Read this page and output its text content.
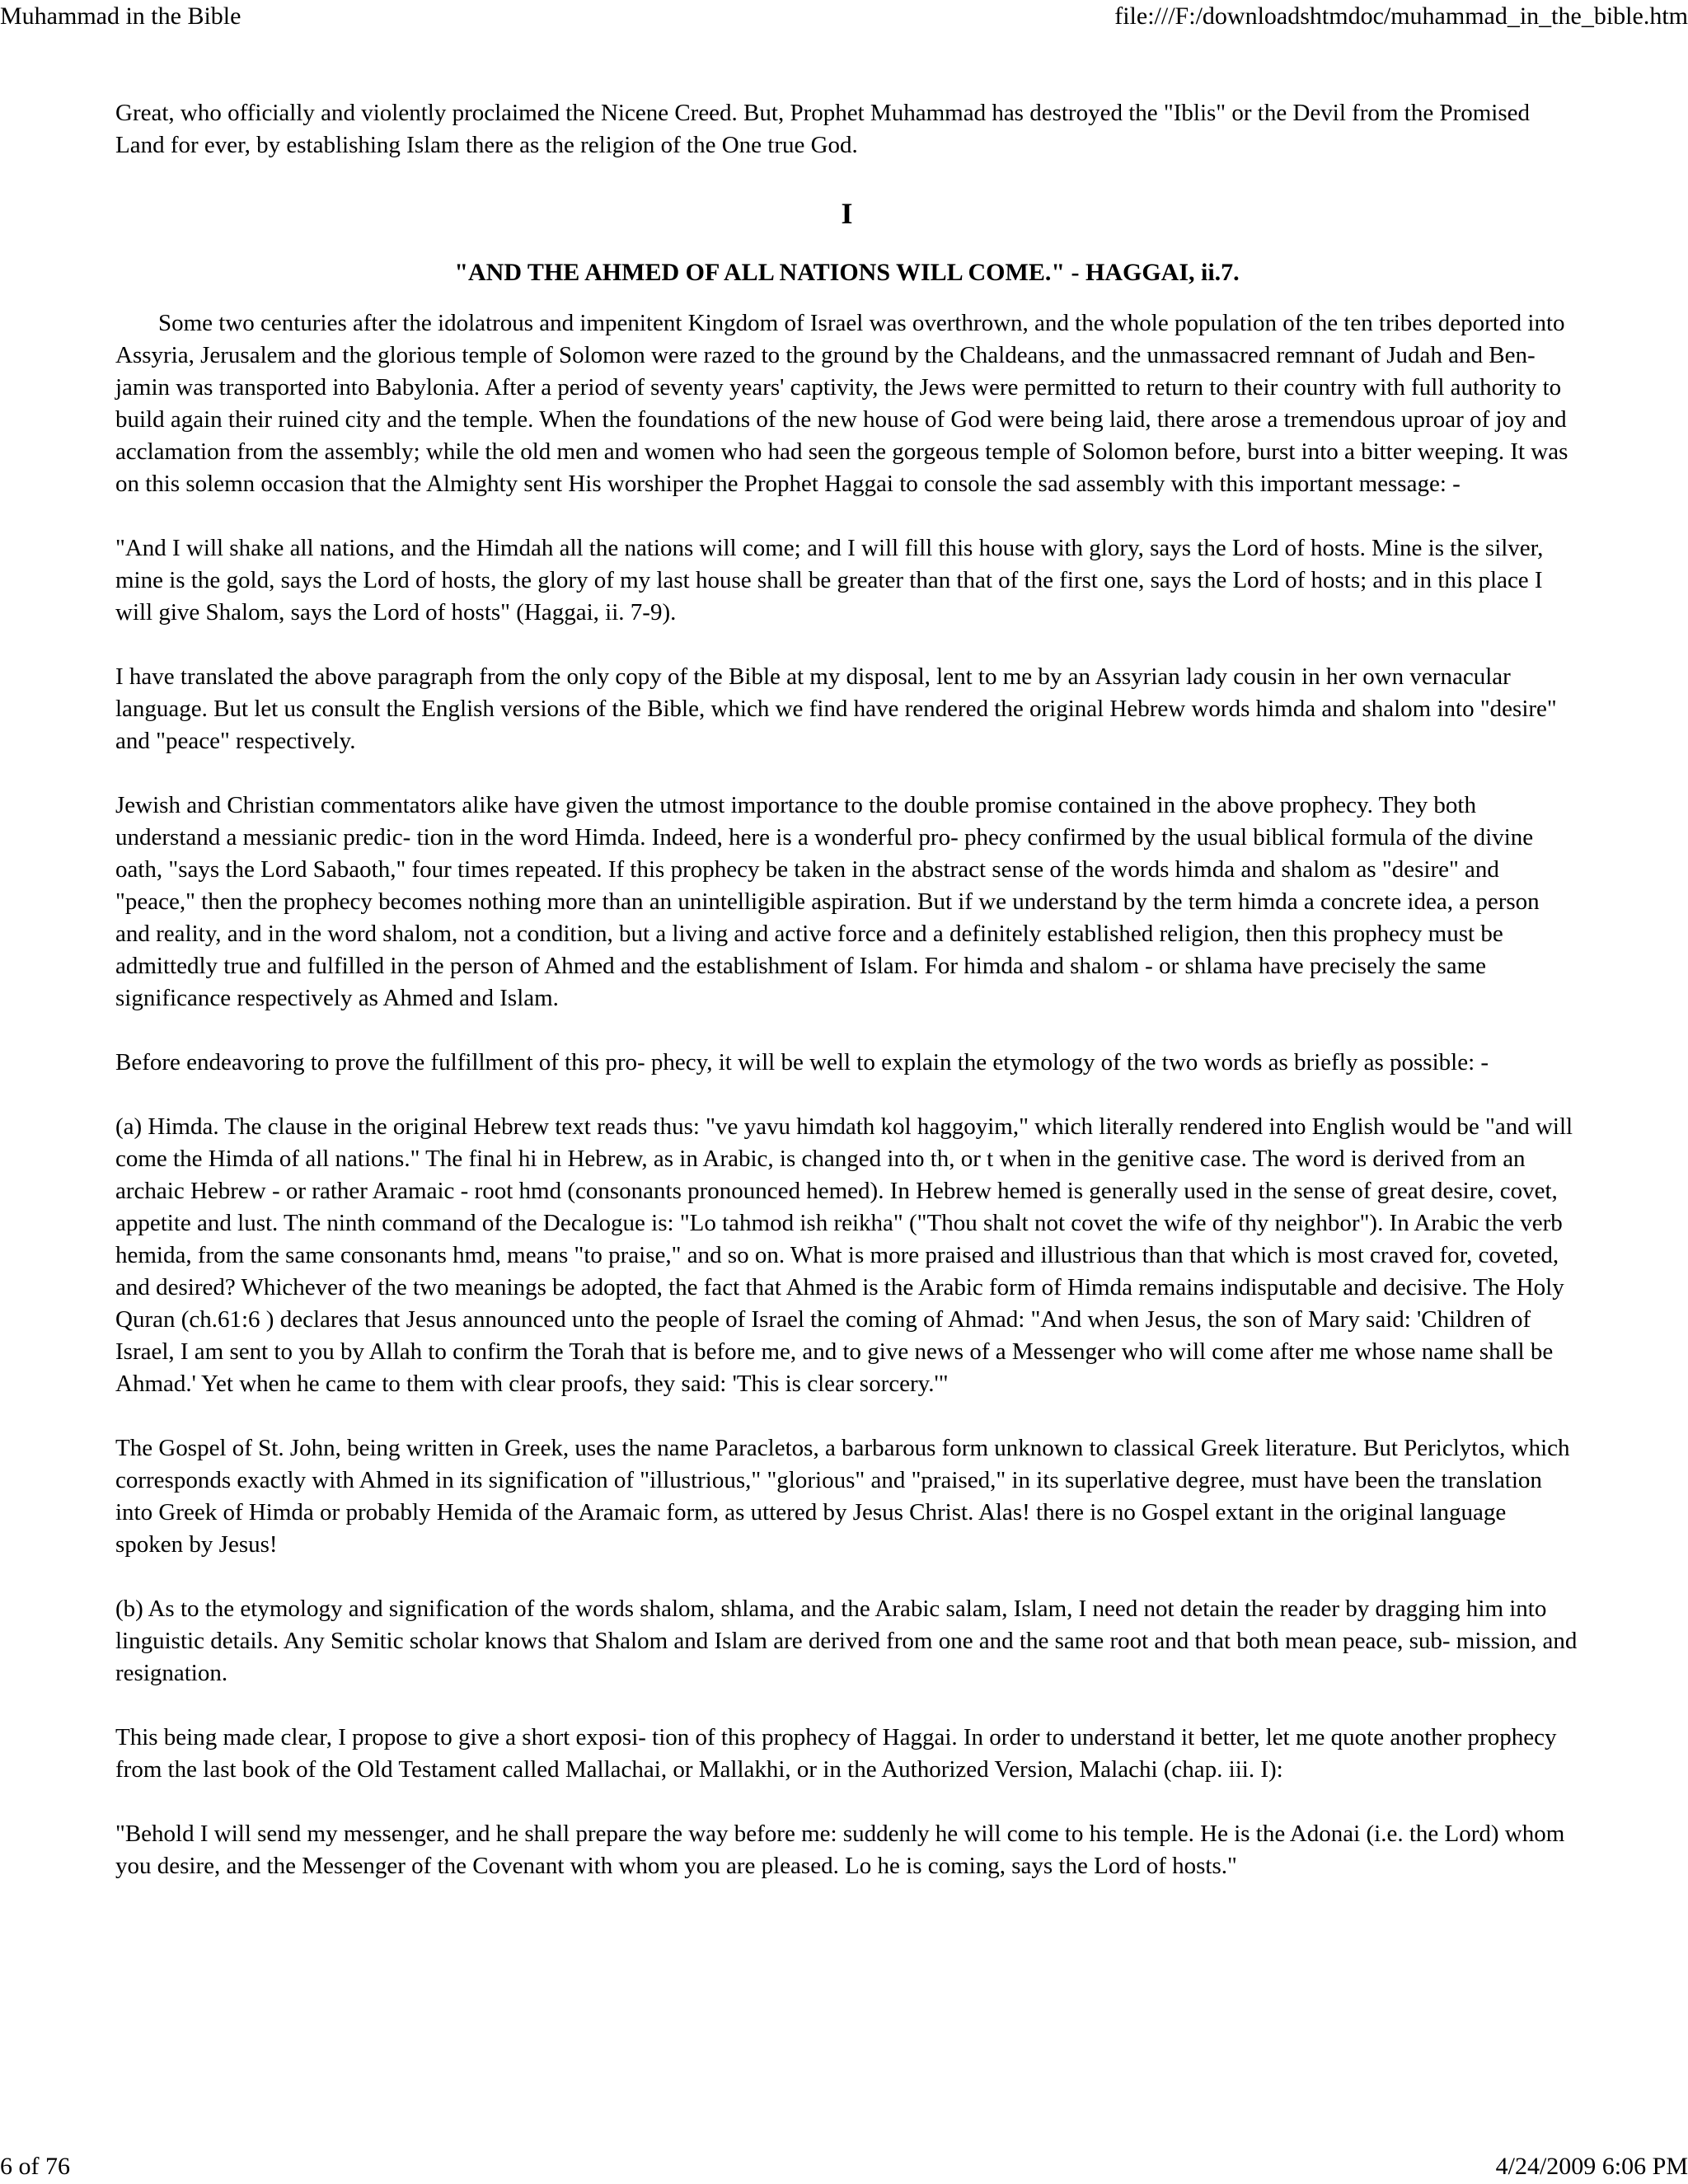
Muhammad in the Bible	file:///F:/downloadshtmdoc/muhammad_in_the_bible.htm

Great, who officially and violently proclaimed the Nicene Creed. But, Prophet Muhammad has destroyed the "Iblis" or the Devil from the Promised Land for ever, by establishing Islam there as the religion of the One true God.

I
"AND THE AHMED OF ALL NATIONS WILL COME." - HAGGAI, ii.7.

Some two centuries after the idolatrous and impenitent Kingdom of Israel was overthrown, and the whole population of the ten tribes deported into Assyria, Jerusalem and the glorious temple of Solomon were razed to the ground by the Chaldeans, and the unmassacred remnant of Judah and Ben- jamin was transported into Babylonia. After a period of seventy years' captivity, the Jews were permitted to return to their country with full authority to build again their ruined city and the temple. When the foundations of the new house of God were being laid, there arose a tremendous uproar of joy and acclamation from the assembly; while the old men and women who had seen the gorgeous temple of Solomon before, burst into a bitter weeping. It was on this solemn occasion that the Almighty sent His worshiper the Prophet Haggai to console the sad assembly with this important message: -

"And I will shake all nations, and the Himdah all the nations will come; and I will fill this house with glory, says the Lord of hosts. Mine is the silver, mine is the gold, says the Lord of hosts, the glory of my last house shall be greater than that of the first one, says the Lord of hosts; and in this place I will give Shalom, says the Lord of hosts" (Haggai, ii. 7-9).

I have translated the above paragraph from the only copy of the Bible at my disposal, lent to me by an Assyrian lady cousin in her own vernacular language. But let us consult the English versions of the Bible, which we find have rendered the original Hebrew words himda and shalom into "desire" and "peace" respectively.

Jewish and Christian commentators alike have given the utmost importance to the double promise contained in the above prophecy. They both understand a messianic predic- tion in the word Himda. Indeed, here is a wonderful pro- phecy confirmed by the usual biblical formula of the divine oath, "says the Lord Sabaoth," four times repeated. If this prophecy be taken in the abstract sense of the words himda and shalom as "desire" and "peace," then the prophecy becomes nothing more than an unintelligible aspiration. But if we understand by the term himda a concrete idea, a person and reality, and in the word shalom, not a condition, but a living and active force and a definitely established religion, then this prophecy must be admittedly true and fulfilled in the person of Ahmed and the establishment of Islam. For himda and shalom - or shlama have precisely the same significance respectively as Ahmed and Islam.

Before endeavoring to prove the fulfillment of this pro- phecy, it will be well to explain the etymology of the two words as briefly as possible: -

(a) Himda. The clause in the original Hebrew text reads thus: "ve yavu himdath kol haggoyim," which literally rendered into English would be "and will come the Himda of all nations." The final hi in Hebrew, as in Arabic, is changed into th, or t when in the genitive case. The word is derived from an archaic Hebrew - or rather Aramaic - root hmd (consonants pronounced hemed). In Hebrew hemed is generally used in the sense of great desire, covet, appetite and lust. The ninth command of the Decalogue is: "Lo tahmod ish reikha" ("Thou shalt not covet the wife of thy neighbor"). In Arabic the verb hemida, from the same consonants hmd, means "to praise," and so on. What is more praised and illustrious than that which is most craved for, coveted, and desired? Whichever of the two meanings be adopted, the fact that Ahmed is the Arabic form of Himda remains indisputable and decisive. The Holy Quran (ch.61:6 ) declares that Jesus announced unto the people of Israel the coming of Ahmad: "And when Jesus, the son of Mary said: 'Children of Israel, I am sent to you by Allah to confirm the Torah that is before me, and to give news of a Messenger who will come after me whose name shall be Ahmad.' Yet when he came to them with clear proofs, they said: 'This is clear sorcery.'"

The Gospel of St. John, being written in Greek, uses the name Paracletos, a barbarous form unknown to classical Greek literature. But Periclytos, which corresponds exactly with Ahmed in its signification of "illustrious," "glorious" and "praised," in its superlative degree, must have been the translation into Greek of Himda or probably Hemida of the Aramaic form, as uttered by Jesus Christ. Alas! there is no Gospel extant in the original language spoken by Jesus!

(b) As to the etymology and signification of the words shalom, shlama, and the Arabic salam, Islam, I need not detain the reader by dragging him into linguistic details. Any Semitic scholar knows that Shalom and Islam are derived from one and the same root and that both mean peace, sub- mission, and resignation.

This being made clear, I propose to give a short exposi- tion of this prophecy of Haggai. In order to understand it better, let me quote another prophecy from the last book of the Old Testament called Mallachai, or Mallakhi, or in the Authorized Version, Malachi (chap. iii. I):

"Behold I will send my messenger, and he shall prepare the way before me: suddenly he will come to his temple. He is the Adonai (i.e. the Lord) whom you desire, and the Messenger of the Covenant with whom you are pleased. Lo he is coming, says the Lord of hosts."

6 of 76	4/24/2009 6:06 PM
